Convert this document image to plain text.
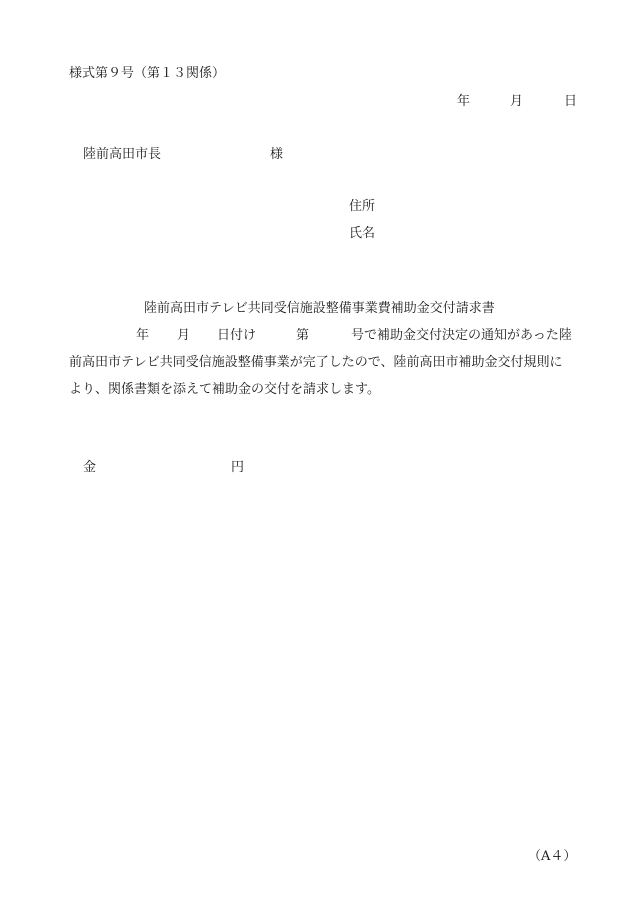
様式第９号（第１３関係）
年	月	日
陸前高田市長	様
住所
氏名
陸前高田市テレビ共同受信施設整備事業費補助金交付請求書
年 月 日付け	第	号で補助金交付決定の通知があった陸
前高田市テレビ共同受信施設整備事業が完了したので、陸前高田市補助金交付規則に
より、関係書類を添えて補助金の交付を請求します。
金	円
（A４）
